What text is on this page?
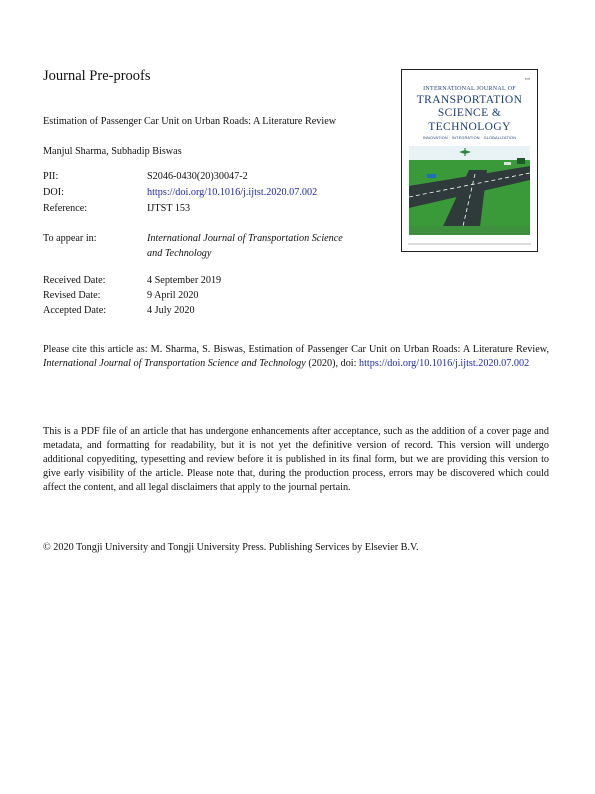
Journal Pre-proofs
Estimation of Passenger Car Unit on Urban Roads: A Literature Review
Manjul Sharma, Subhadip Biswas
PII:	S2046-0430(20)30047-2
DOI:	https://doi.org/10.1016/j.ijtst.2020.07.002
Reference:	IJTST 153
To appear in:	International Journal of Transportation Science
and Technology
Received Date:	4 September 2019
Revised Date:	9 April 2020
Accepted Date:	4 July 2020
Please cite this article as: M. Sharma, S. Biswas, Estimation of Passenger Car Unit on Urban Roads: A Literature Review, International Journal of Transportation Science and Technology (2020), doi: https://doi.org/10.1016/j.ijtst.2020.07.002
This is a PDF file of an article that has undergone enhancements after acceptance, such as the addition of a cover page and metadata, and formatting for readability, but it is not yet the definitive version of record. This version will undergo additional copyediting, typesetting and review before it is published in its final form, but we are providing this version to give early visibility of the article. Please note that, during the production process, errors may be discovered which could affect the content, and all legal disclaimers that apply to the journal pertain.
© 2020 Tongji University and Tongji University Press. Publishing Services by Elsevier B.V.
▪▪▪▪
INTERNATIONAL JOURNAL OF
TRANSPORTATION
SCIENCE &
TECHNOLOGY
INNOVATION · INTEGRATION · GLOBALIZATION
